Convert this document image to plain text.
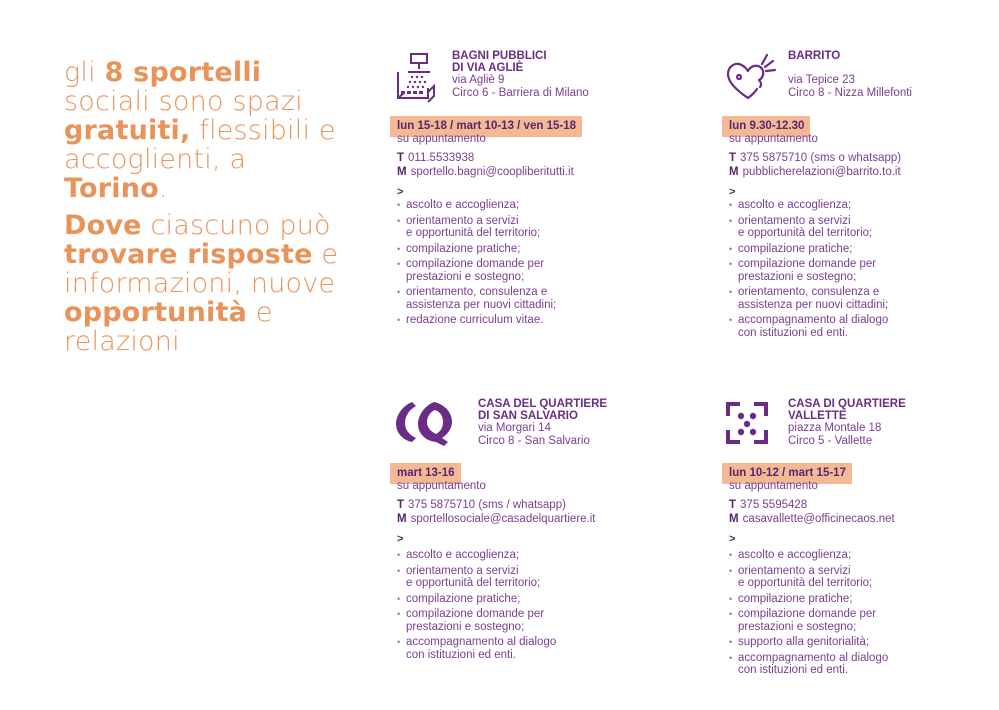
gli 8 sportelli sociali sono spazi gratuiti, flessibili e accoglienti, a Torino.
Dove ciascuno può trovare risposte e informazioni, nuove opportunità e relazioni
BAGNI PUBBLICI
DI VIA AGLIÈ
via Agliè 9
Circo 6 - Barriera di Milano
lun 15-18 / mart 10-13 / ven 15-18
su appuntamento
T 011.5533938
M sportello.bagni@coopliberitutti.it
>
• ascolto e accoglienza;
• orientamento a servizi
e opportunità del territorio;
• compilazione pratiche;
• compilazione domande per
prestazioni e sostegno;
• orientamento, consulenza e
assistenza per nuovi cittadini;
• redazione curriculum vitae.
BARRITO
via Tepice 23
Circo 8 - Nizza Millefonti
lun 9.30-12.30
su appuntamento
T 375 5875710 (sms o whatsapp)
M pubblicherelazioni@barrito.to.it
>
• ascolto e accoglienza;
• orientamento a servizi
e opportunità del territorio;
• compilazione pratiche;
• compilazione domande per
prestazioni e sostegno;
• orientamento, consulenza e
assistenza per nuovi cittadini;
• accompagnamento al dialogo
con istituzioni ed enti.
CASA DEL QUARTIERE
DI SAN SALVARIO
via Morgari 14
Circo 8 - San Salvario
mart 13-16
su appuntamento
T 375 5875710 (sms / whatsapp)
M sportellosociale@casadelquartiere.it
>
• ascolto e accoglienza;
• orientamento a servizi
e opportunità del territorio;
• compilazione pratiche;
• compilazione domande per
prestazioni e sostegno;
• accompagnamento al dialogo
con istituzioni ed enti.
CASA DI QUARTIERE
VALLETTE
piazza Montale 18
Circo 5 - Vallette
lun 10-12 / mart 15-17
su appuntamento
T 375 5595428
M casavallette@officinecaos.net
>
• ascolto e accoglienza;
• orientamento a servizi
e opportunità del territorio;
• compilazione pratiche;
• compilazione domande per
prestazioni e sostegno;
• supporto alla genitorialità;
• accompagnamento al dialogo
con istituzioni ed enti.
